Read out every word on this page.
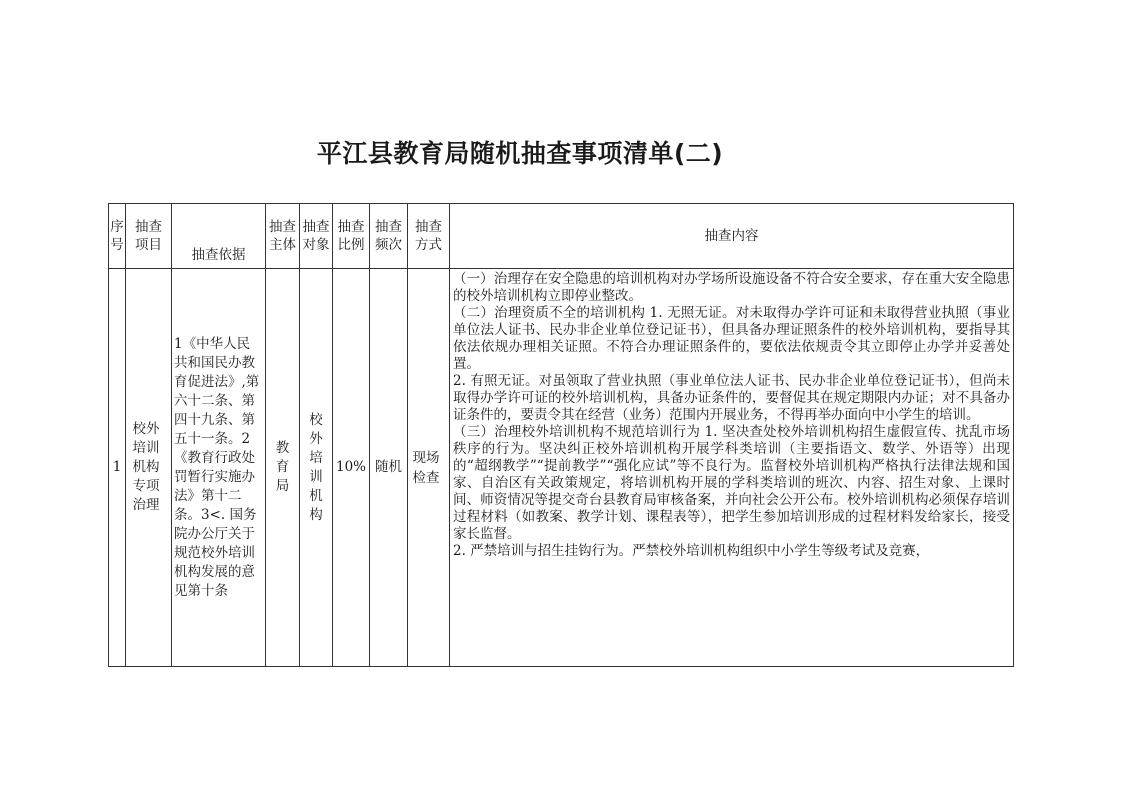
平江县教育局随机抽查事项清单(二)
序号	抽查项目	抽查依据	抽查主体	抽查对象	抽查比例	抽查频次	抽查方式	抽查内容
1	校外培训机构专项治理	1《中华人民共和国民办教育促进法》,第六十二条、第四十九条、第五十一条。2《教育行政处罚暂行实施办法》第十二条。3<. 国务院办公厅关于规范校外培训机构发展的意见第十条	教育局	校外培训机构	10%	随机	现场检查	（一）治理存在安全隐患的培训机构对办学场所设施设备不符合安全要求，存在重大安全隐患的校外培训机构立即停业整改。

（二）治理资质不全的培训机构 1. 无照无证。对未取得办学许可证和未取得营业执照（事业单位法人证书、民办非企业单位登记证书），但具备办理证照条件的校外培训机构，要指导其依法依规办理相关证照。不符合办理证照条件的，要依法依规责令其立即停止办学并妥善处置。

2. 有照无证。对虽领取了营业执照（事业单位法人证书、民办非企业单位登记证书），但尚未取得办学许可证的校外培训机构，具备办证条件的，要督促其在规定期限内办证；对不具备办证条件的，要责令其在经营（业务）范围内开展业务，不得再举办面向中小学生的培训。

（三）治理校外培训机构不规范培训行为 1. 坚决查处校外培训机构招生虚假宣传、扰乱市场秩序的行为。坚决纠正校外培训机构开展学科类培训（主要指语文、数学、外语等）出现的“超纲教学”“提前教学”“强化应试”等不良行为。监督校外培训机构严格执行法律法规和国家、自治区有关政策规定，将培训机构开展的学科类培训的班次、内容、招生对象、上课时间、师资情况等提交奇台县教育局审核备案，并向社会公开公布。校外培训机构必须保存培训过程材料（如教案、教学计划、课程表等），把学生参加培训形成的过程材料发给家长，接受家长监督。

2. 严禁培训与招生挂钩行为。严禁校外培训机构组织中小学生等级考试及竞赛，
